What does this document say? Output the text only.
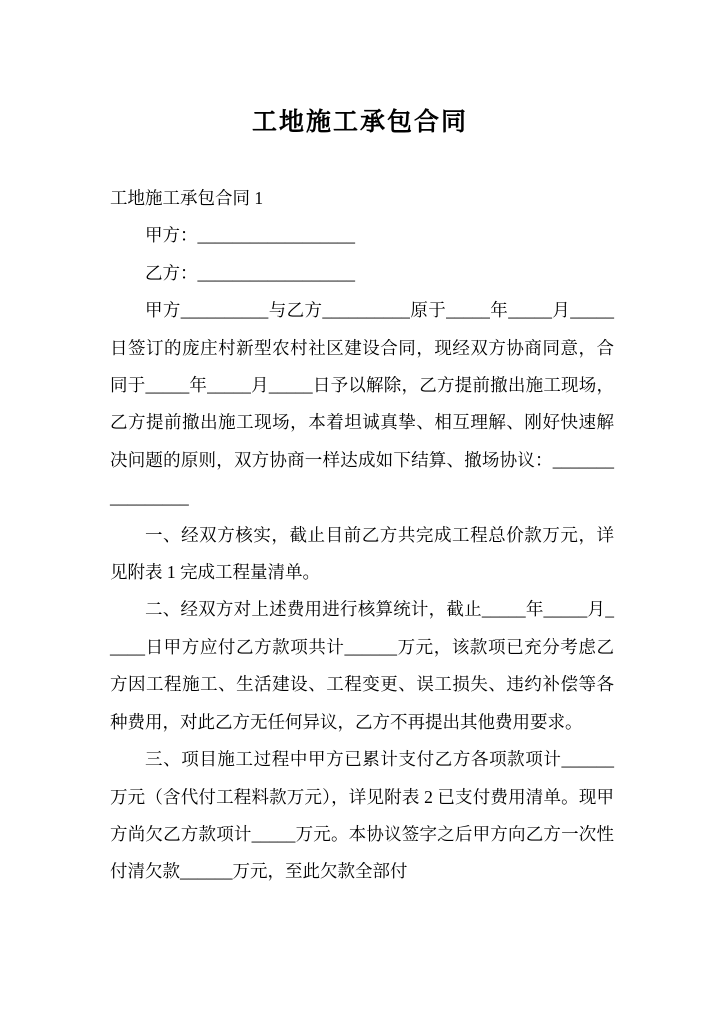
工地施工承包合同
工地施工承包合同 1
甲方：__________________
乙方：__________________
甲方__________与乙方__________原于_____年_____月_____日签订的庞庄村新型农村社区建设合同，现经双方协商同意，合同于_____年_____月_____日予以解除，乙方提前撤出施工现场，乙方提前撤出施工现场，本着坦诚真挚、相互理解、刚好快速解决问题的原则，双方协商一样达成如下结算、撤场协议：________________
一、经双方核实，截止目前乙方共完成工程总价款万元，详见附表 1 完成工程量清单。
二、经双方对上述费用进行核算统计，截止_____年_____月_____日甲方应付乙方款项共计______万元，该款项已充分考虑乙方因工程施工、生活建设、工程变更、误工损失、违约补偿等各种费用，对此乙方无任何异议，乙方不再提出其他费用要求。
三、项目施工过程中甲方已累计支付乙方各项款项计______万元（含代付工程料款万元），详见附表 2 已支付费用清单。现甲方尚欠乙方款项计_____万元。本协议签字之后甲方向乙方一次性付清欠款______万元，至此欠款全部付
